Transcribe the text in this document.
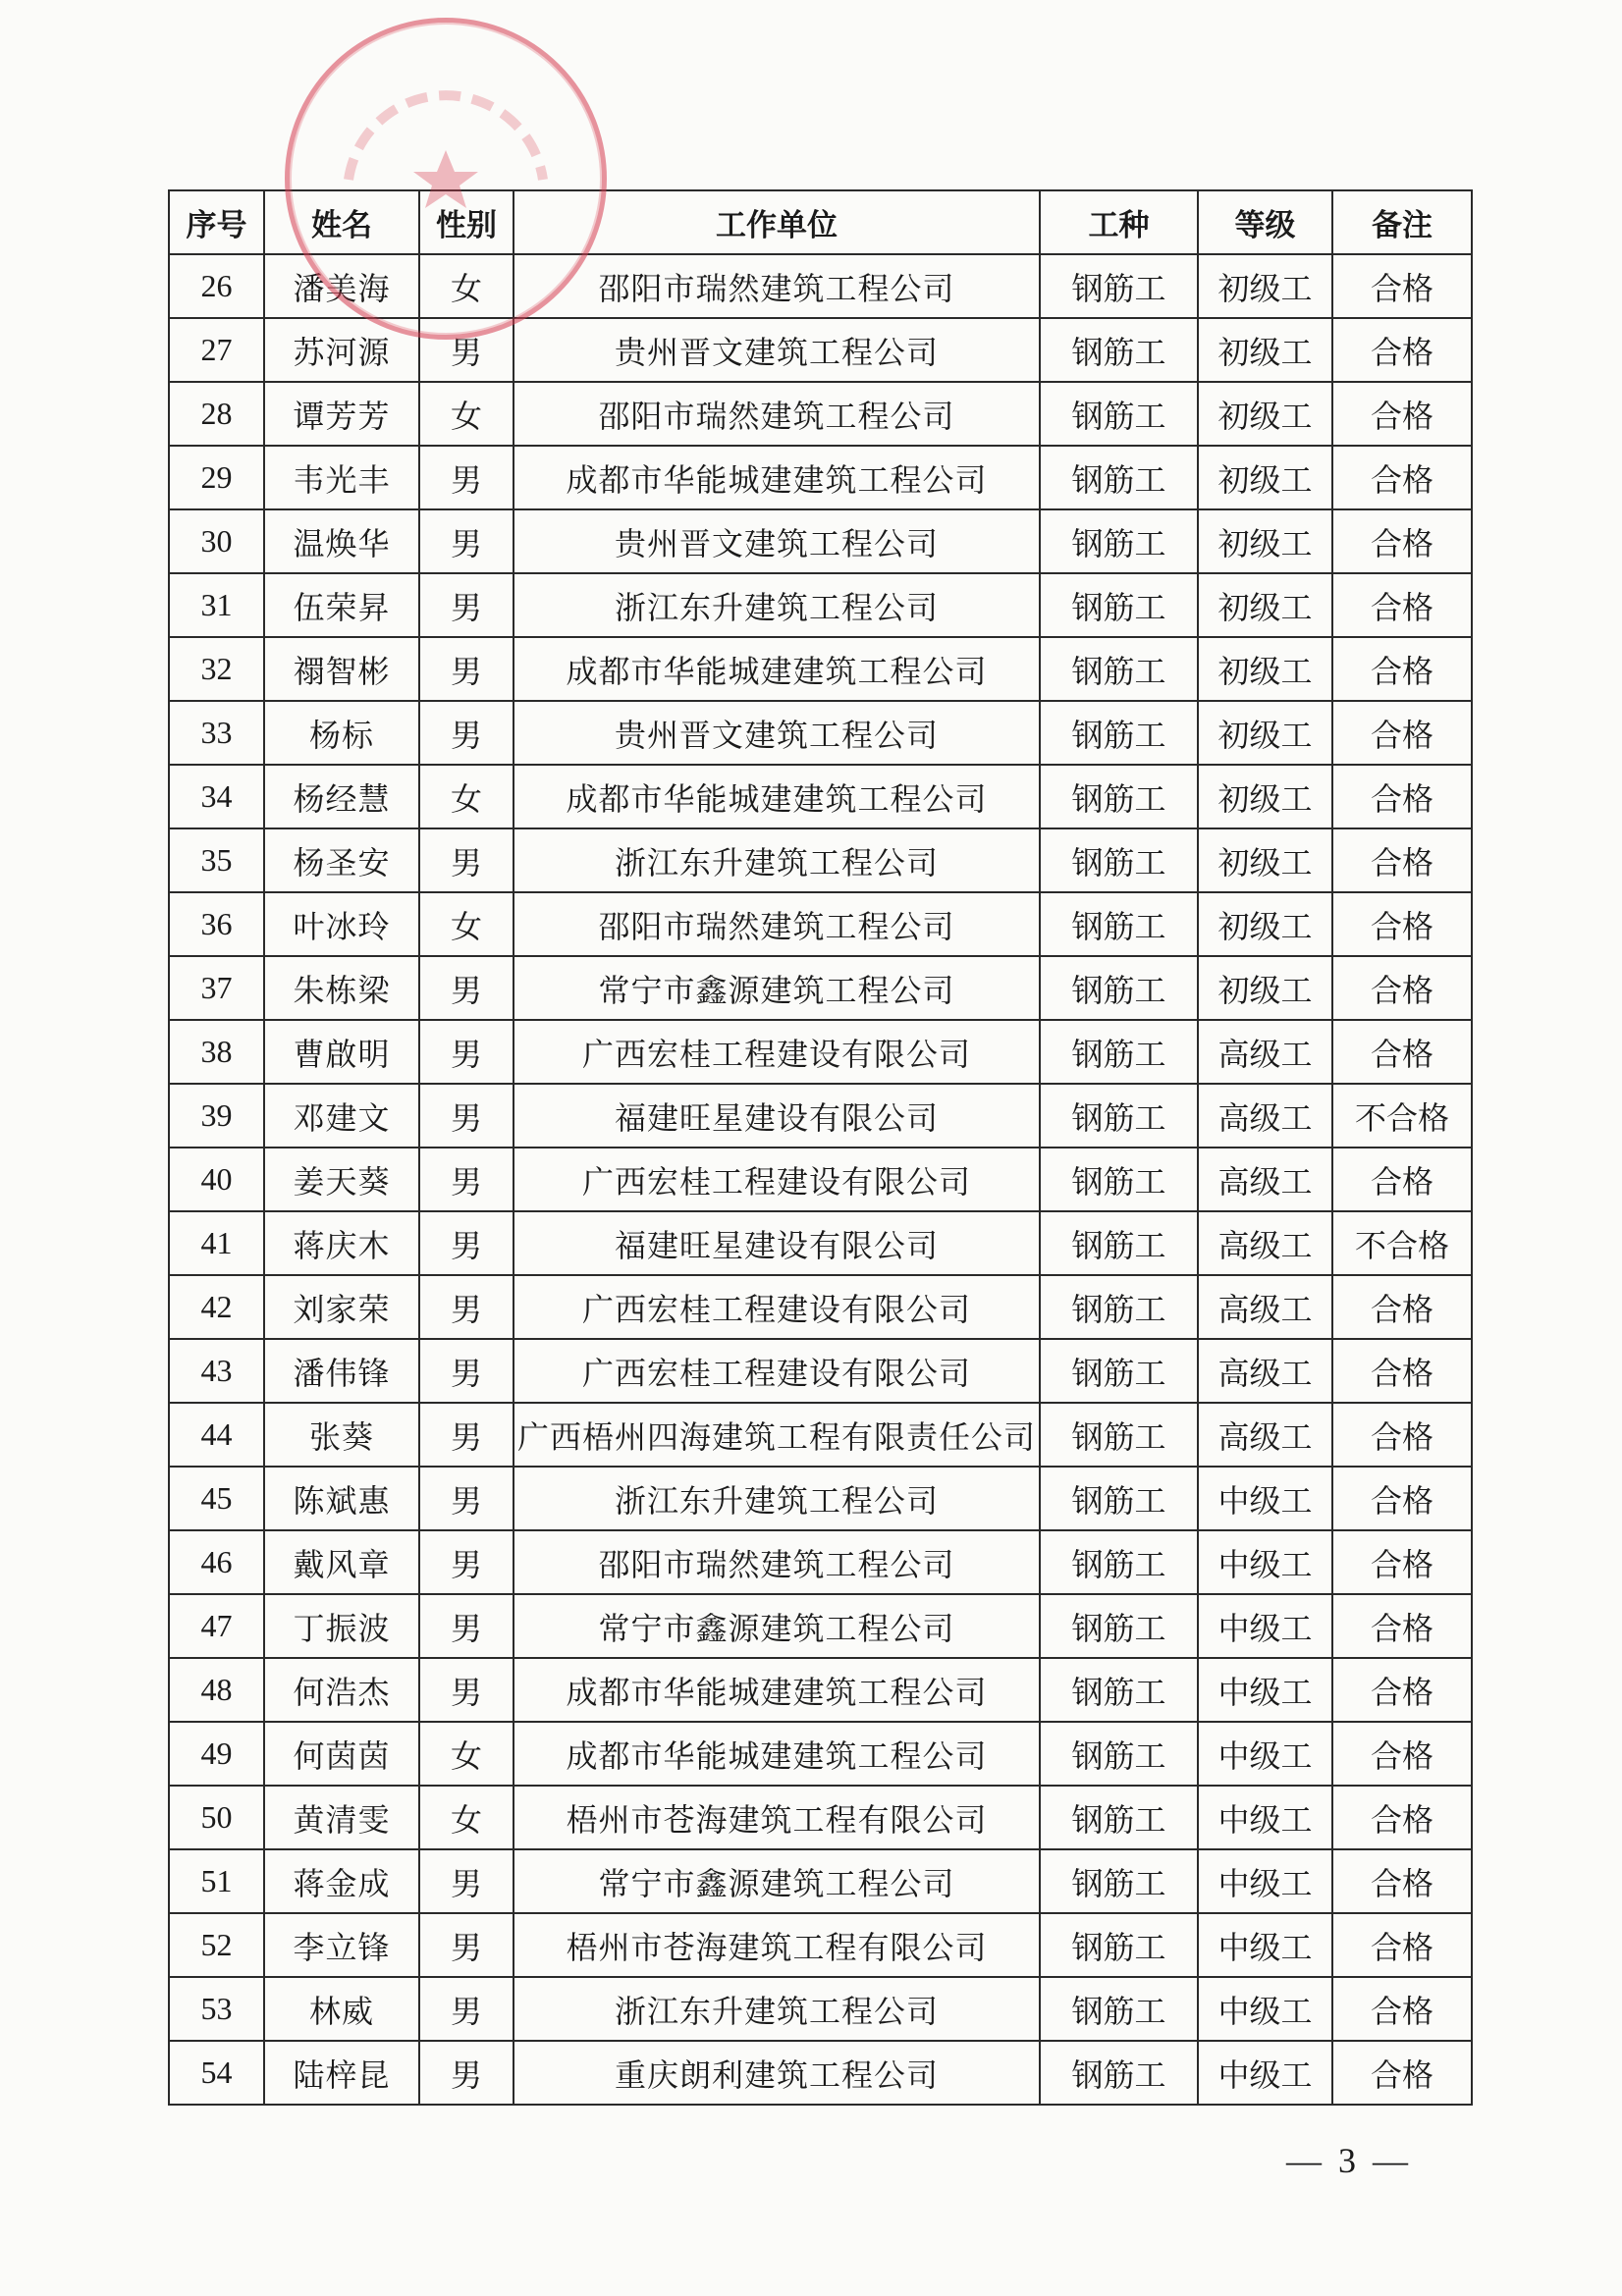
序号	姓名	性别	工作单位	工种	等级	备注
26	潘美海	女	邵阳市瑞然建筑工程公司	钢筋工	初级工	合格
27	苏河源	男	贵州晋文建筑工程公司	钢筋工	初级工	合格
28	谭芳芳	女	邵阳市瑞然建筑工程公司	钢筋工	初级工	合格
29	韦光丰	男	成都市华能城建建筑工程公司	钢筋工	初级工	合格
30	温焕华	男	贵州晋文建筑工程公司	钢筋工	初级工	合格
31	伍荣昇	男	浙江东升建筑工程公司	钢筋工	初级工	合格
32	禤智彬	男	成都市华能城建建筑工程公司	钢筋工	初级工	合格
33	杨标	男	贵州晋文建筑工程公司	钢筋工	初级工	合格
34	杨经慧	女	成都市华能城建建筑工程公司	钢筋工	初级工	合格
35	杨圣安	男	浙江东升建筑工程公司	钢筋工	初级工	合格
36	叶冰玲	女	邵阳市瑞然建筑工程公司	钢筋工	初级工	合格
37	朱栋梁	男	常宁市鑫源建筑工程公司	钢筋工	初级工	合格
38	曹啟明	男	广西宏桂工程建设有限公司	钢筋工	高级工	合格
39	邓建文	男	福建旺星建设有限公司	钢筋工	高级工	不合格
40	姜天葵	男	广西宏桂工程建设有限公司	钢筋工	高级工	合格
41	蒋庆木	男	福建旺星建设有限公司	钢筋工	高级工	不合格
42	刘家荣	男	广西宏桂工程建设有限公司	钢筋工	高级工	合格
43	潘伟锋	男	广西宏桂工程建设有限公司	钢筋工	高级工	合格
44	张葵	男	广西梧州四海建筑工程有限责任公司	钢筋工	高级工	合格
45	陈斌惠	男	浙江东升建筑工程公司	钢筋工	中级工	合格
46	戴风章	男	邵阳市瑞然建筑工程公司	钢筋工	中级工	合格
47	丁振波	男	常宁市鑫源建筑工程公司	钢筋工	中级工	合格
48	何浩杰	男	成都市华能城建建筑工程公司	钢筋工	中级工	合格
49	何茵茵	女	成都市华能城建建筑工程公司	钢筋工	中级工	合格
50	黄清雯	女	梧州市苍海建筑工程有限公司	钢筋工	中级工	合格
51	蒋金成	男	常宁市鑫源建筑工程公司	钢筋工	中级工	合格
52	李立锋	男	梧州市苍海建筑工程有限公司	钢筋工	中级工	合格
53	林威	男	浙江东升建筑工程公司	钢筋工	中级工	合格
54	陆梓昆	男	重庆朗利建筑工程公司	钢筋工	中级工	合格
— 3 —
